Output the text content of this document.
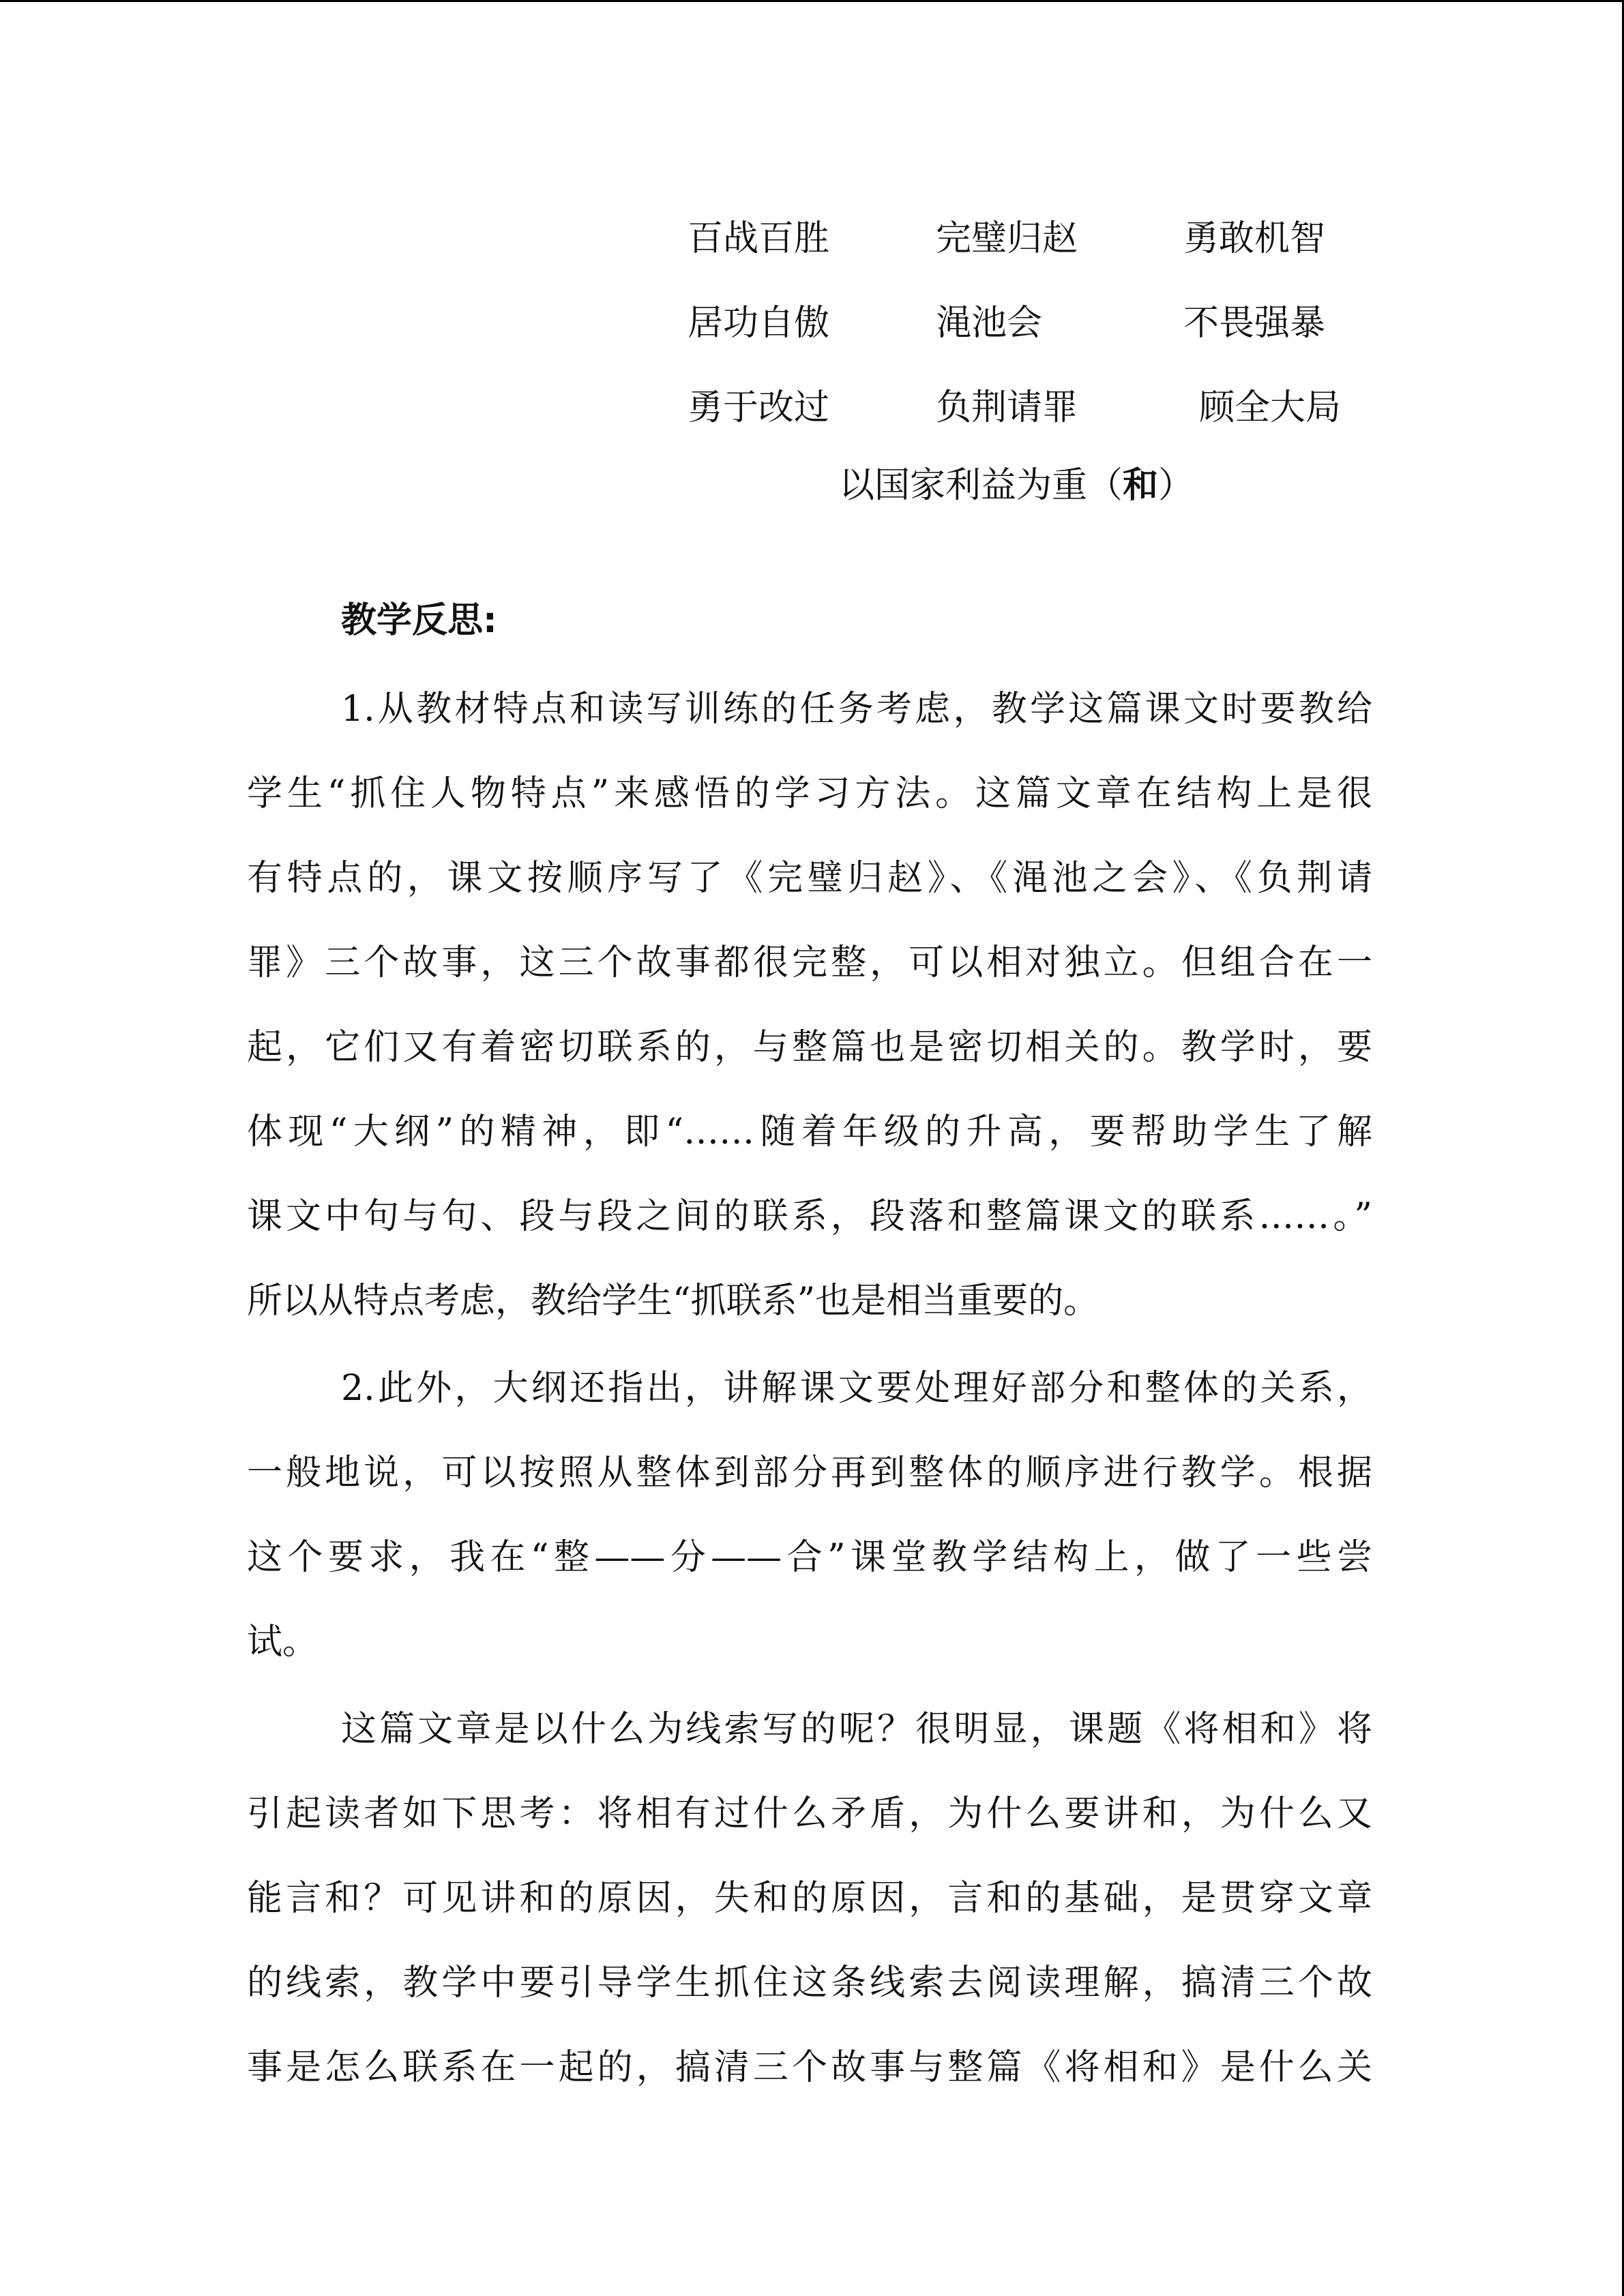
百战百胜	完璧归赵	勇敢机智
居功自傲	渑池会	不畏强暴
勇于改过	负荆请罪	顾全大局
以国家利益为重（和）
教学反思:
1.从教材特点和读写训练的任务考虑，教学这篇课文时要教给
学生“抓住人物特点”来感悟的学习方法。这篇文章在结构上是很
有特点的，课文按顺序写了《完璧归赵》、《渑池之会》、《负荆请
罪》三个故事，这三个故事都很完整，可以相对独立。但组合在一
起，它们又有着密切联系的，与整篇也是密切相关的。教学时，要
体现“大纲”的精神，即“……随着年级的升高，要帮助学生了解
课文中句与句、段与段之间的联系，段落和整篇课文的联系……。”
所以从特点考虑，教给学生“抓联系”也是相当重要的。
2.此外，大纲还指出，讲解课文要处理好部分和整体的关系，
一般地说，可以按照从整体到部分再到整体的顺序进行教学。根据
这个要求，我在“整——分——合”课堂教学结构上，做了一些尝
试。
这篇文章是以什么为线索写的呢？很明显，课题《将相和》将
引起读者如下思考：将相有过什么矛盾，为什么要讲和，为什么又
能言和？可见讲和的原因，失和的原因，言和的基础，是贯穿文章
的线索，教学中要引导学生抓住这条线索去阅读理解，搞清三个故
事是怎么联系在一起的，搞清三个故事与整篇《将相和》是什么关
